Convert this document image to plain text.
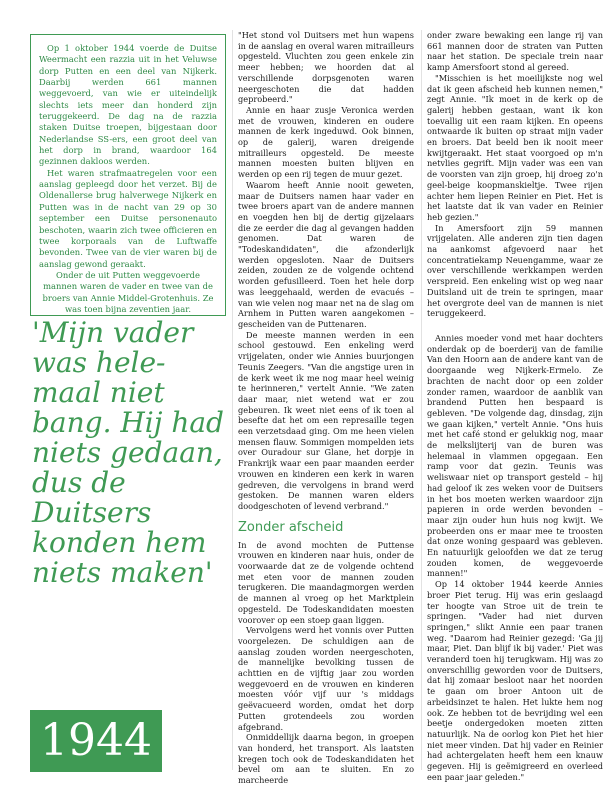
Op 1 oktober 1944 voerde de Duitse Weermacht een razzia uit in het Veluwse dorp Putten en een deel van Nijkerk. Daarbij werden 661 mannen weggevoerd, van wie er uiteindelijk slechts iets meer dan honderd zijn teruggekeerd. De dag na de razzia staken Duitse troepen, bijgestaan door Nederlandse SS-ers, een groot deel van het dorp in brand, waardoor 164 gezinnen dakloos werden.

Het waren strafmaatregelen voor een aanslag gepleegd door het verzet. Bij de Oldenallerse brug halverwege Nijkerk en Putten was in de nacht van 29 op 30 september een Duitse personenauto beschoten, waarin zich twee officieren en twee korporaals van de Luftwaffe bevonden. Twee van de vier waren bij de aanslag gewond geraakt.

Onder de uit Putten weggevoerde mannen waren de vader en twee van de broers van Annie Middel-Grotenhuis. Ze was toen bijna zeventien jaar.

'Mijn vader was hele-maal niet bang. Hij had niets gedaan, dus de Duitsers konden hem niets maken'
1944

"Het stond vol Duitsers met hun wapens in de aanslag en overal waren mitrailleurs opgesteld. Vluchten zou geen enkele zin meer hebben; we hoorden dat al verschillende dorpsgenoten waren neergeschoten die dat hadden geprobeerd."

Annie en haar zusje Veronica werden met de vrouwen, kinderen en oudere mannen de kerk ingeduwd. Ook binnen, op de galerij, waren dreigende mitrailleurs opgesteld. De meeste mannen moesten buiten blijven en werden op een rij tegen de muur gezet.

Waarom heeft Annie nooit geweten, maar de Duitsers namen haar vader en twee broers apart van de andere mannen en voegden hen bij de dertig gijzelaars die ze eerder die dag al gevangen hadden genomen. Dat waren de "Todeskandidaten", die afzonderlijk werden opgesloten. Naar de Duitsers zeiden, zouden ze de volgende ochtend worden gefusilleerd. Toen het hele dorp was leeggehaald, werden de evacués – van wie velen nog maar net na de slag om Arnhem in Putten waren aangekomen – gescheiden van de Puttenaren.

De meeste mannen werden in een school gestouwd. Een enkeling werd vrijgelaten, onder wie Annies buurjongen Teunis Zeegers. "Van die angstige uren in de kerk weet ik me nog maar heel weinig te herinneren," vertelt Annie. "We zaten daar maar, niet wetend wat er zou gebeuren. Ik weet niet eens of ik toen al besefte dat het om een represaille tegen een verzetsdaad ging. Om me heen vielen mensen flauw. Sommigen mompelden iets over Ouradour sur Glane, het dorpje in Frankrijk waar een paar maanden eerder vrouwen en kinderen een kerk in waren gedreven, die vervolgens in brand werd gestoken. De mannen waren elders doodgeschoten of levend verbrand."

Zonder afscheid

In de avond mochten de Puttense vrouwen en kinderen naar huis, onder de voorwaarde dat ze de volgende ochtend met eten voor de mannen zouden terugkeren. Die maandagmorgen werden de mannen al vroeg op het Marktplein opgesteld. De Todeskandidaten moesten voorover op een stoep gaan liggen.

Vervolgens werd het vonnis over Putten voorgelezen. De schuldigen aan de aanslag zouden worden neergeschoten, de mannelijke bevolking tussen de achttien en de vijftig jaar zou worden weggevoerd en de vrouwen en kinderen moesten vóór vijf uur 's middags geëvacueerd worden, omdat het dorp Putten grotendeels zou worden afgebrand.

Onmiddellijk daarna begon, in groepen van honderd, het transport. Als laatsten kregen toch ook de Todeskandidaten het bevel om aan te sluiten. En zo marcheerde

onder zware bewaking een lange rij van 661 mannen door de straten van Putten naar het station. De speciale trein naar kamp Amersfoort stond al gereed.

"Misschien is het moeilijkste nog wel dat ik geen afscheid heb kunnen nemen," zegt Annie. "Ik moet in de kerk op de galerij hebben gestaan, want ik kon toevallig uit een raam kijken. En opeens ontwaarde ik buiten op straat mijn vader en broers. Dat beeld ben ik nooit meer kwijtgeraakt. Het staat voorgoed op m'n netvlies gegrift. Mijn vader was een van de voorsten van zijn groep, hij droeg zo'n geel-beige koopmanskieltje. Twee rijen achter hem liepen Reinier en Piet. Het is het laatste dat ik van vader en Reinier heb gezien."

In Amersfoort zijn 59 mannen vrijgelaten. Alle anderen zijn tien dagen na aankomst afgevoerd naar het concentratiekamp Neuengamme, waar ze over verschillende werkkampen werden verspreid. Een enkeling wist op weg naar Duitsland uit de trein te springen, maar het overgrote deel van de mannen is niet teruggekeerd.

Annies moeder vond met haar dochters onderdak op de boerderij van de familie Van den Hoorn aan de andere kant van de doorgaande weg Nijkerk-Ermelo. Ze brachten de nacht door op een zolder zonder ramen, waardoor de aanblik van brandend Putten hen bespaard is gebleven. "De volgende dag, dinsdag, zijn we gaan kijken," vertelt Annie. "Ons huis met het café stond er gelukkig nog, maar de melkslijterij van de buren was helemaal in vlammen opgegaan. Een ramp voor dat gezin. Teunis was weliswaar niet op transport gesteld – hij had geloof ik zes weken voor de Duitsers in het bos moeten werken waardoor zijn papieren in orde werden bevonden – maar zijn ouder hun huis nog kwijt. We probeerden ons er maar mee te troosten dat onze woning gespaard was gebleven. En natuurlijk geloofden we dat ze terug zouden komen, de weggevoerde mannen!"

Op 14 oktober 1944 keerde Annies broer Piet terug. Hij was erin geslaagd ter hoogte van Stroe uit de trein te springen. "Vader had niet durven springen," slikt Annie een paar tranen weg. "Daarom had Reinier gezegd: 'Ga jij maar, Piet. Dan blijf ik bij vader.' Piet was veranderd toen hij terugkwam. Hij was zo onverschillig geworden voor de Duitsers, dat hij zomaar besloot naar het noorden te gaan om broer Antoon uit de arbeidsinzet te halen. Het lukte hem nog ook. Ze hebben tot de bevrijding wel een beetje ondergedoken moeten zitten natuurlijk. Na de oorlog kon Piet het hier niet meer vinden. Dat hij vader en Reinier had achtergelaten heeft hem een knauw gegeven. Hij is geëmigreerd en overleed een paar jaar geleden."
